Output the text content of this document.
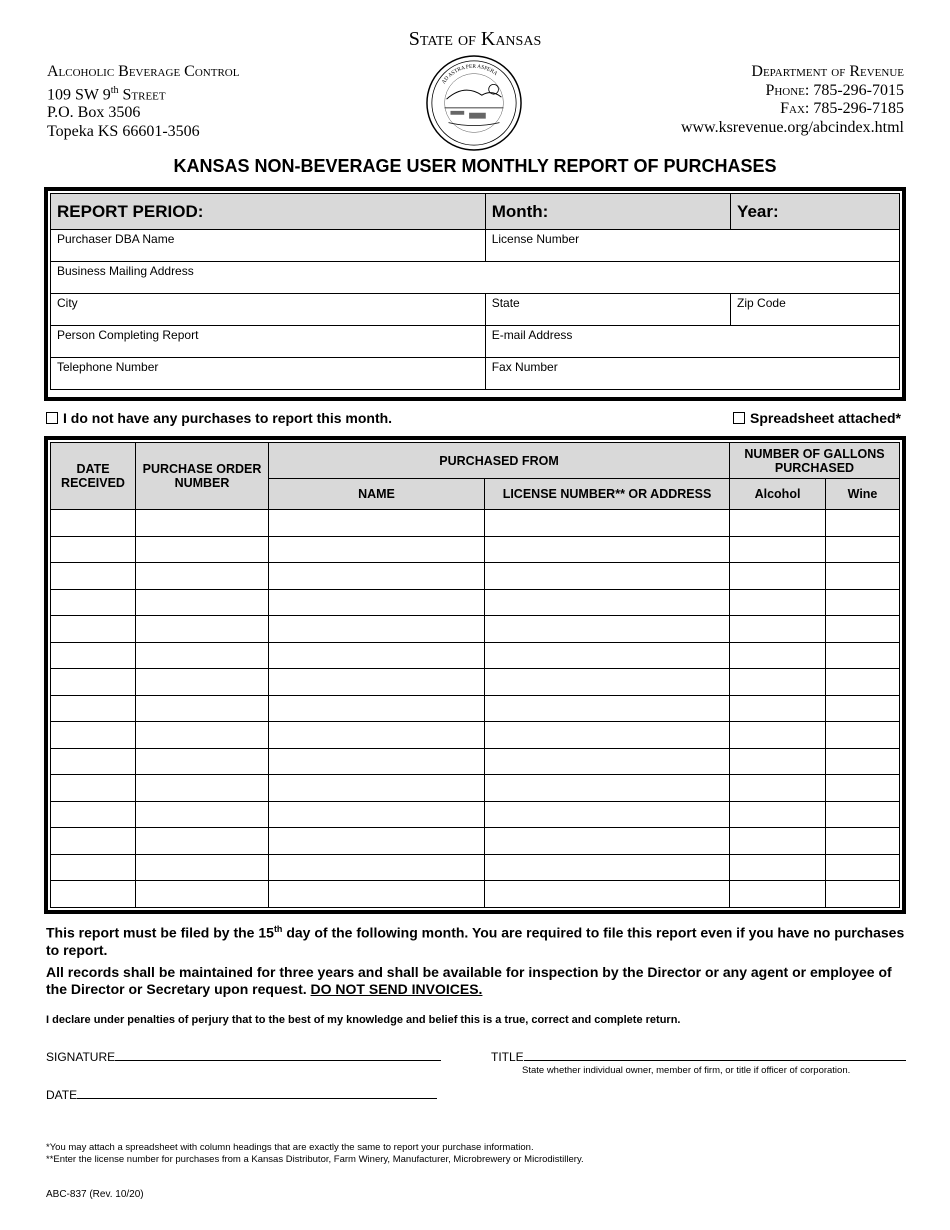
State of Kansas
Alcoholic Beverage Control
109 SW 9th Street
P.O. Box 3506
Topeka KS 66601-3506
AD ASTRA PER ASPERA	Department of Revenue
Phone: 785-296-7015
Fax: 785-296-7185
www.ksrevenue.org/abcindex.html
KANSAS NON-BEVERAGE USER MONTHLY REPORT OF PURCHASES
REPORT PERIOD:	Month:	Year:
Purchaser DBA Name	License Number	
Business Mailing Address		
City	State	Zip Code
Person Completing Report	E-mail Address	
Telephone Number	Fax Number	
I do not have any purchases to report this month.	Spreadsheet attached*
DATE RECEIVED	PURCHASE ORDER NUMBER	PURCHASED FROM		NUMBER OF GALLONS PURCHASED	
		NAME	LICENSE NUMBER** OR ADDRESS	Alcohol	Wine

This report must be filed by the 15th day of the following month. You are required to file this report even if you have no purchases to report.
All records shall be maintained for three years and shall be available for inspection by the Director or any agent or employee of the Director or Secretary upon request. DO NOT SEND INVOICES.
I declare under penalties of perjury that to the best of my knowledge and belief this is a true, correct and complete return.
SIGNATURE	TITLE
State whether individual owner, member of firm, or title if officer of corporation.
DATE
*You may attach a spreadsheet with column headings that are exactly the same to report your purchase information.
**Enter the license number for purchases from a Kansas Distributor, Farm Winery, Manufacturer, Microbrewery or Microdistillery.
ABC-837 (Rev. 10/20)
